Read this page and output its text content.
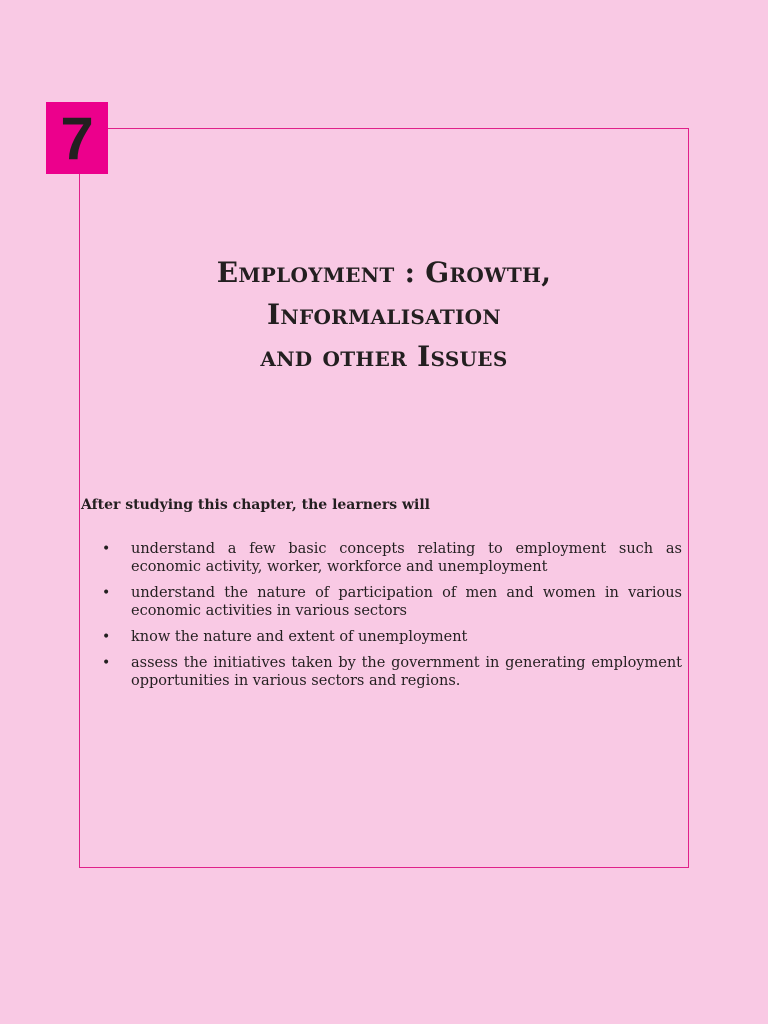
7
Employment : Growth,
Informalisation
and other Issues

After studying this chapter, the learners will

• understand a few basic concepts relating to employment such as economic activity, worker, workforce and unemployment
• understand the nature of participation of men and women in various economic activities in various sectors
• know the nature and extent of unemployment
• assess the initiatives taken by the government in generating employment opportunities in various sectors and regions.
